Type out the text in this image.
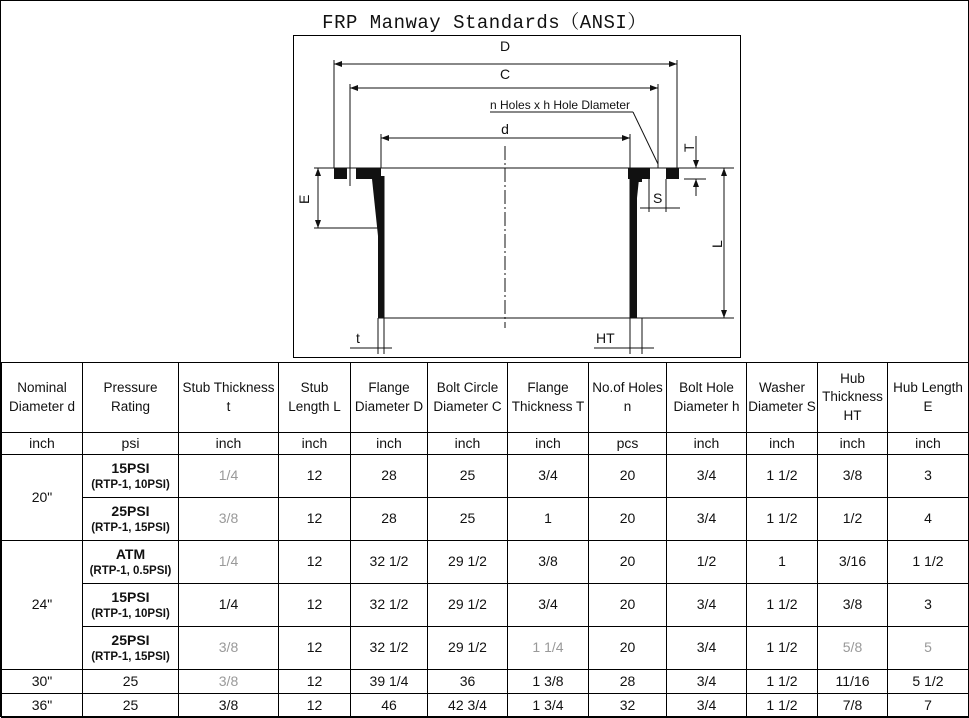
FRP Manway Standards（ANSI）
D
C
n Holes x h Hole Dlameter
d
T
E	S
L
t	HT
Nominal Diameter d	Pressure Rating	Stub Thickness t	Stub Length L	Flange Diameter D	Bolt Circle Diameter C	Flange Thickness T	No.of Holes n	Bolt Hole Diameter h	Washer Diameter S	Hub Thickness HT	Hub Length E
inch	psi	inch	inch	inch	inch	inch	pcs	inch	inch	inch	inch
20"	15PSI
(RTP-1, 10PSI)	1/4	12	28	25	3/4	20	3/4	1 1/2	3/8	3

	25PSI
(RTP-1, 15PSI)	3/8	12	28	25	1	20	3/4	1 1/2	1/2	4
24"	ATM
(RTP-1, 0.5PSI)	1/4	12	32 1/2	29 1/2	3/8	20	1/2	1	3/16	1 1/2

	15PSI
(RTP-1, 10PSI)	1/4	12	32 1/2	29 1/2	3/4	20	3/4	1 1/2	3/8	3

	25PSI
(RTP-1, 15PSI)	3/8	12	32 1/2	29 1/2	1 1/4	20	3/4	1 1/2	5/8	5
30"	25	3/8	12	39 1/4	36	1 3/8	28	3/4	1 1/2	11/16	5 1/2
36"	25	3/8	12	46	42 3/4	1 3/4	32	3/4	1 1/2	7/8	7
